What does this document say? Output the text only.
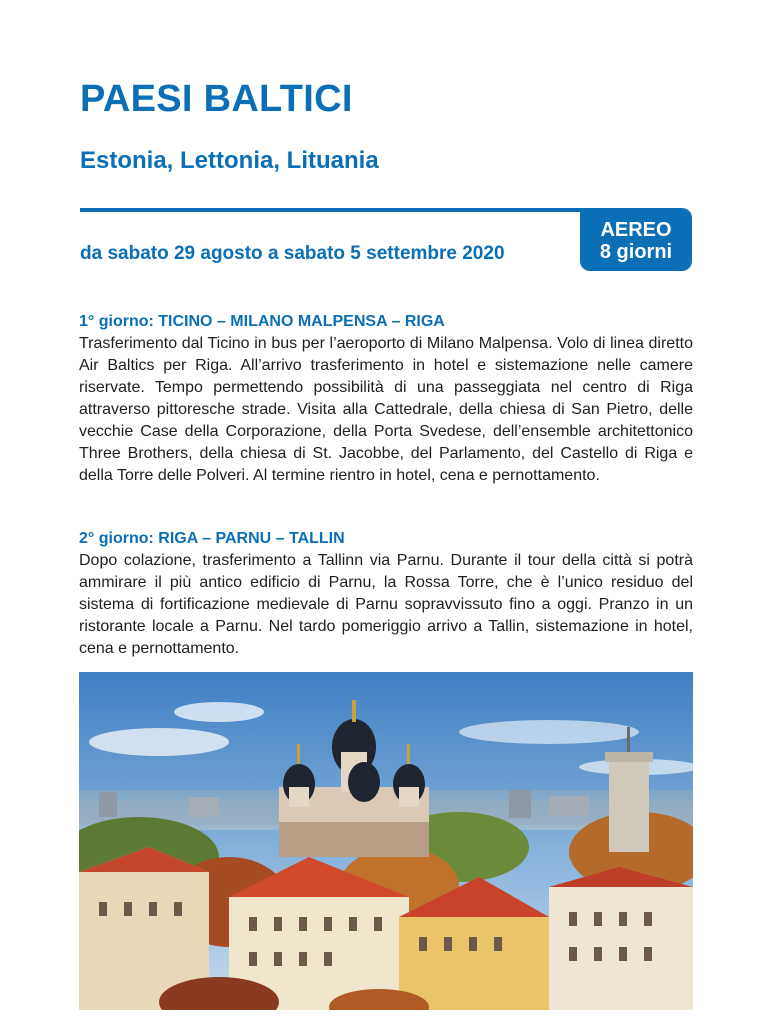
PAESI BALTICI
Estonia, Lettonia, Lituania
AEREO
8 giorni

da sabato 29 agosto a sabato 5 settembre 2020

1° giorno: TICINO – MILANO MALPENSA – RIGA

Trasferimento dal Ticino in bus per l’aeroporto di Milano Malpensa. Volo di linea diretto Air Baltics per Riga. All’arrivo trasferimento in hotel e sistemazione nelle camere riservate. Tempo permettendo possibilità di una passeggiata nel centro di Riga attraverso pittoresche strade. Visita alla Cattedrale, della chiesa di San Pietro, delle vecchie Case della Corporazione, della Porta Svedese, dell’ensemble architettonico Three Brothers, della chiesa di St. Jacobbe, del Parlamento, del Castello di Riga e della Torre delle Polveri. Al termine rientro in hotel, cena e pernottamento.

2° giorno: RIGA – PARNU – TALLIN

Dopo colazione, trasferimento a Tallinn via Parnu. Durante il tour della città si potrà ammirare il più antico edificio di Parnu, la Rossa Torre, che è l’unico residuo del sistema di fortificazione medievale di Parnu sopravvissuto fino a oggi. Pranzo in un ristorante locale a Parnu. Nel tardo pomeriggio arrivo a Tallin, sistemazione in hotel, cena e pernottamento.
